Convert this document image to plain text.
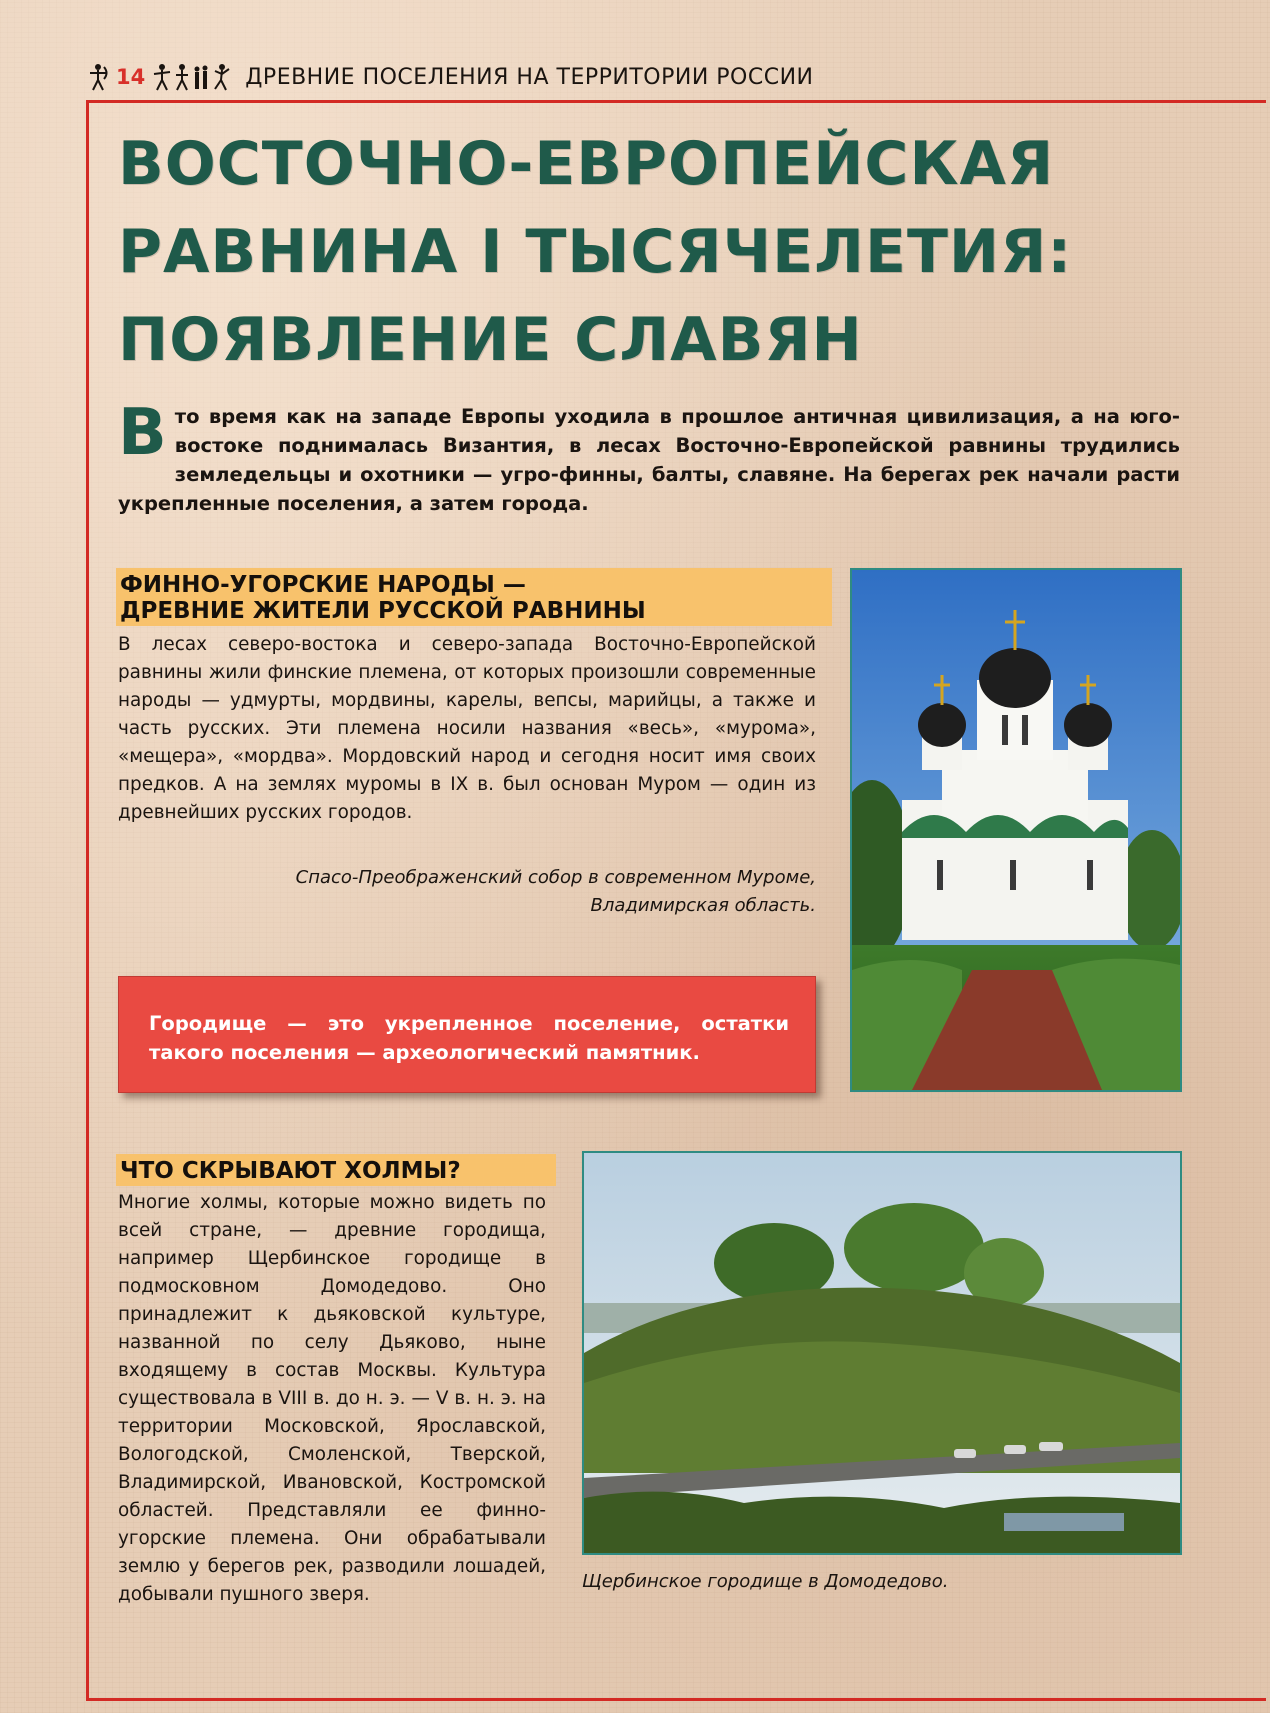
14	ДРЕВНИЕ ПОСЕЛЕНИЯ НА ТЕРРИТОРИИ РОССИИ
ВОСТОЧНО-ЕВРОПЕЙСКАЯ
РАВНИНА I ТЫСЯЧЕЛЕТИЯ:
ПОЯВЛЕНИЕ СЛАВЯН
В то время как на западе Европы уходила в прошлое античная цивилизация, а на юго-востоке поднималась Византия, в лесах Восточно-Европейской равнины трудились земледельцы и охотники — угро-финны, балты, славяне. На берегах рек начали расти укрепленные поселения, а затем города.
ФИННО-УГОРСКИЕ НАРОДЫ —
ДРЕВНИЕ ЖИТЕЛИ РУССКОЙ РАВНИНЫ
В лесах северо-востока и северо-запада Восточно-Европейской равнины жили финские племена, от которых произошли современные народы — удмурты, мордвины, карелы, вепсы, марийцы, а также и часть русских. Эти племена носили названия «весь», «мурома», «мещера», «мордва». Мордовский народ и сегодня носит имя своих предков. А на землях муромы в IX в. был основан Муром — один из древнейших русских городов.
Спасо-Преображенский собор в современном Муроме,
Владимирская область.
Городище — это укрепленное поселение, остатки такого поселения — археологический памятник.
ЧТО СКРЫВАЮТ ХОЛМЫ?
Многие холмы, которые можно видеть по всей стране, — древние городища, например Щербинское городище в подмосковном Домодедово. Оно принадлежит к дьяковской культуре, названной по селу Дьяково, ныне входящему в состав Москвы. Культура существовала в VIII в. до н. э. — V в. н. э. на территории Московской, Ярославской, Вологодской, Смоленской, Тверской, Владимирской, Ивановской, Костромской областей. Представляли ее финно-угорские племена. Они обрабатывали землю у берегов рек, разводили лошадей, добывали пушного зверя.
Щербинское городище в Домодедово.
